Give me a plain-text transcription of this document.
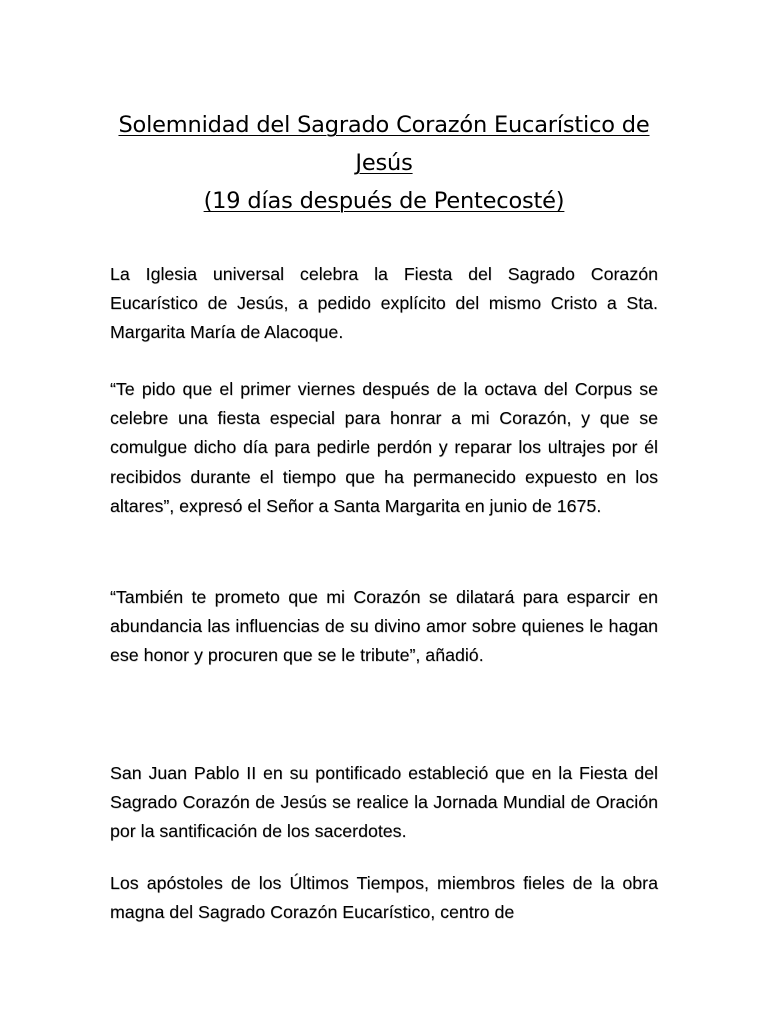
Solemnidad del Sagrado Corazón Eucarístico de
Jesús
(19 días después de Pentecosté)

La Iglesia universal celebra la Fiesta del Sagrado Corazón Eucarístico de Jesús, a pedido explícito del mismo Cristo a Sta. Margarita María de Alacoque.

“Te pido que el primer viernes después de la octava del Corpus se celebre una fiesta especial para honrar a mi Corazón, y que se comulgue dicho día para pedirle perdón y reparar los ultrajes por él recibidos durante el tiempo que ha permanecido expuesto en los altares”, expresó el Señor a Santa Margarita en junio de 1675.

“También te prometo que mi Corazón se dilatará para esparcir en abundancia las influencias de su divino amor sobre quienes le hagan ese honor y procuren que se le tribute”, añadió.

San Juan Pablo II en su pontificado estableció que en la Fiesta del Sagrado Corazón de Jesús se realice la Jornada Mundial de Oración por la santificación de los sacerdotes.

Los apóstoles de los Últimos Tiempos, miembros fieles de la obra magna del Sagrado Corazón Eucarístico, centro de
